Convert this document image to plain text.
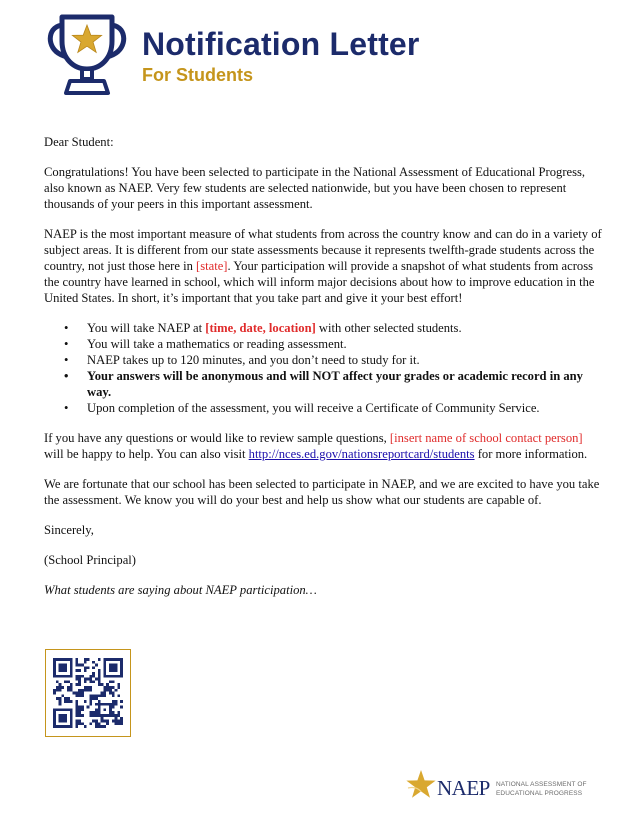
Notification Letter
For Students

Dear Student:

Congratulations! You have been selected to participate in the National Assessment of Educational Progress, also known as NAEP. Very few students are selected nationwide, but you have been chosen to represent thousands of your peers in this important assessment.

NAEP is the most important measure of what students from across the country know and can do in a variety of subject areas. It is different from our state assessments because it represents twelfth-grade students across the country, not just those here in [state]. Your participation will provide a snapshot of what students from across the country have learned in school, which will inform major decisions about how to improve education in the United States. In short, it’s important that you take part and give it your best effort!

• You will take NAEP at [time, date, location] with other selected students.
• You will take a mathematics or reading assessment.
• NAEP takes up to 120 minutes, and you don’t need to study for it.
• Your answers will be anonymous and will NOT affect your grades or academic record in any way.
• Upon completion of the assessment, you will receive a Certificate of Community Service.

If you have any questions or would like to review sample questions, [insert name of school contact person] will be happy to help. You can also visit http://nces.ed.gov/nationsreportcard/students for more information.

We are fortunate that our school has been selected to participate in NAEP, and we are excited to have you take the assessment. We know you will do your best and help us show what our students are capable of.

Sincerely,

(School Principal)

What students are saying about NAEP participation…

NAEP NATIONAL ASSESSMENT OF
EDUCATIONAL PROGRESS
